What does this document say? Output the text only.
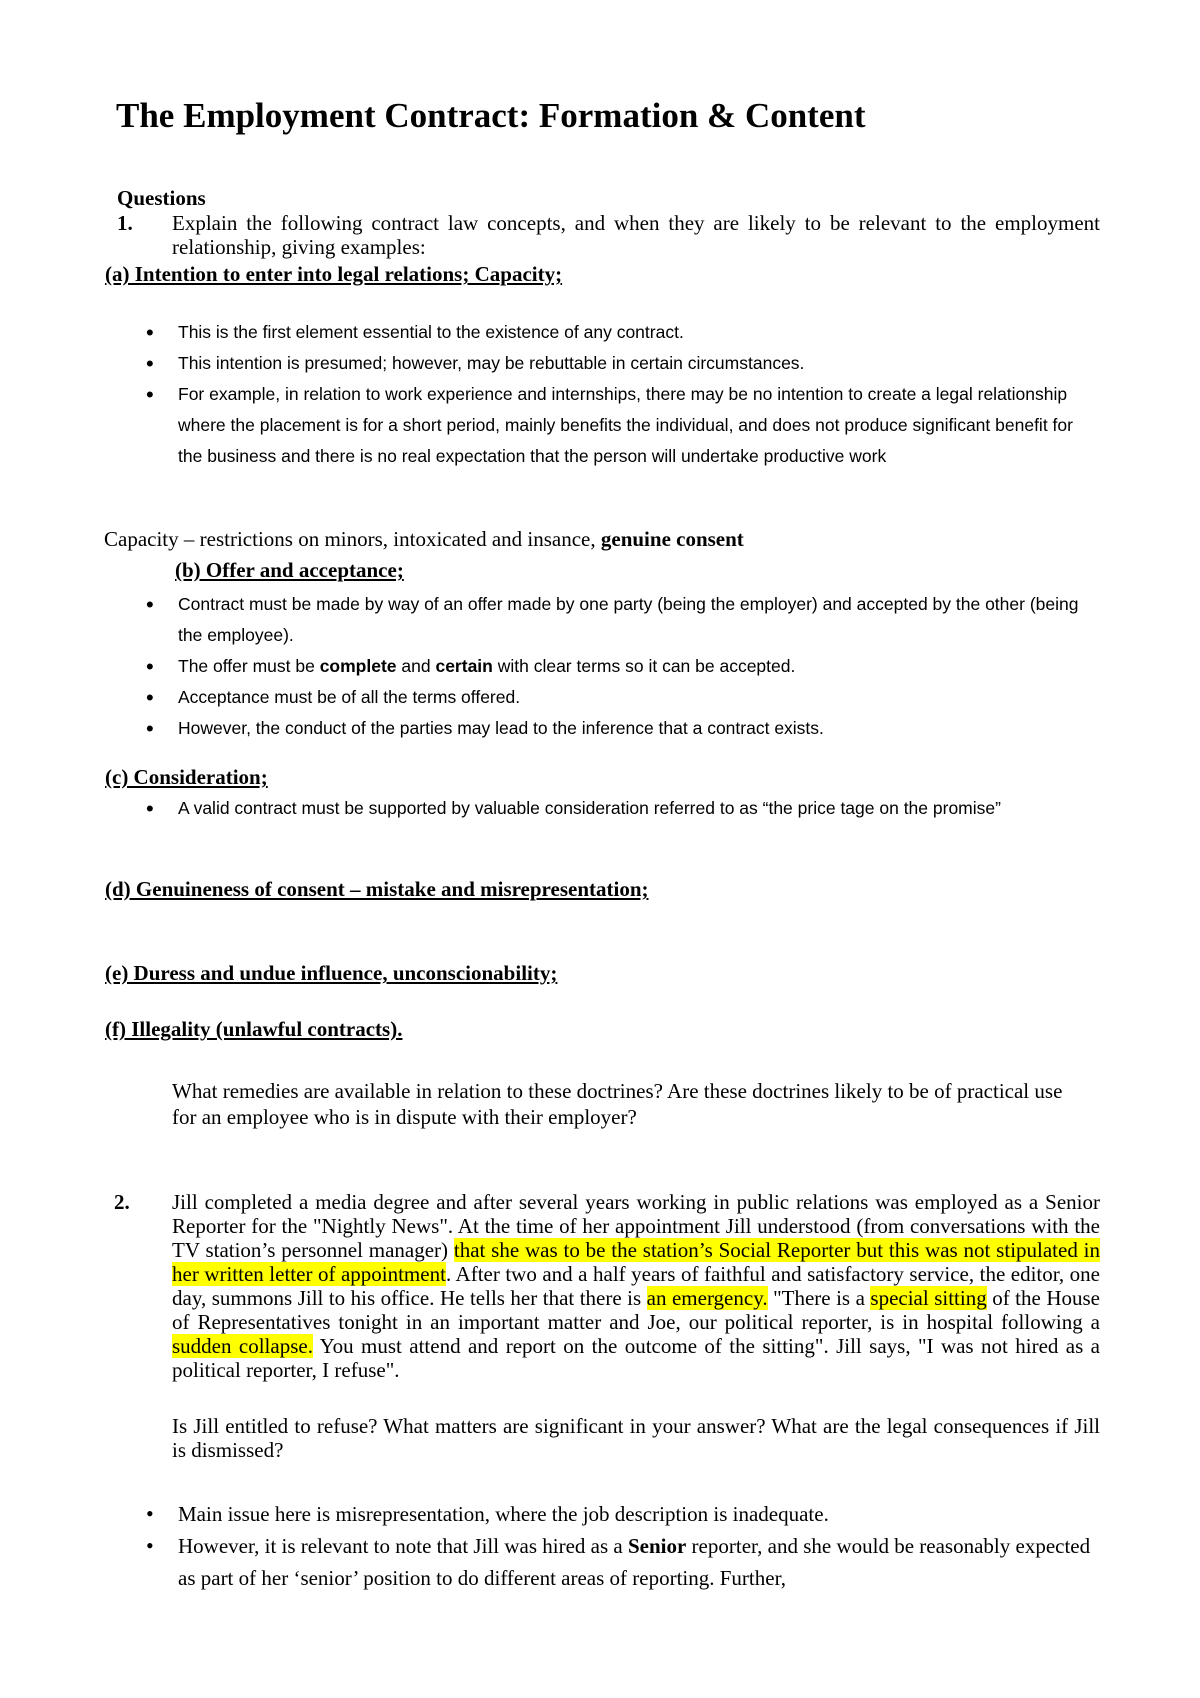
The Employment Contract: Formation & Content
Questions
1. Explain the following contract law concepts, and when they are likely to be relevant to the employment relationship, giving examples:
(a) Intention to enter into legal relations; Capacity;
• This is the first element essential to the existence of any contract.
• This intention is presumed; however, may be rebuttable in certain circumstances.
• For example, in relation to work experience and internships, there may be no intention to create a legal relationship where the placement is for a short period, mainly benefits the individual, and does not produce significant benefit for the business and there is no real expectation that the person will undertake productive work
Capacity – restrictions on minors, intoxicated and insance, genuine consent
(b) Offer and acceptance;
• Contract must be made by way of an offer made by one party (being the employer) and accepted by the other (being the employee).
• The offer must be complete and certain with clear terms so it can be accepted.
• Acceptance must be of all the terms offered.
• However, the conduct of the parties may lead to the inference that a contract exists.
(c) Consideration;
• A valid contract must be supported by valuable consideration referred to as “the price tage on the promise”
(d) Genuineness of consent – mistake and misrepresentation;
(e) Duress and undue influence, unconscionability;
(f) Illegality (unlawful contracts).
What remedies are available in relation to these doctrines? Are these doctrines likely to be of practical use for an employee who is in dispute with their employer?
2. Jill completed a media degree and after several years working in public relations was employed as a Senior Reporter for the "Nightly News". At the time of her appointment Jill understood (from conversations with the TV station’s personnel manager) that she was to be the station’s Social Reporter but this was not stipulated in her written letter of appointment. After two and a half years of faithful and satisfactory service, the editor, one day, summons Jill to his office. He tells her that there is an emergency. "There is a special sitting of the House of Representatives tonight in an important matter and Joe, our political reporter, is in hospital following a sudden collapse. You must attend and report on the outcome of the sitting". Jill says, "I was not hired as a political reporter, I refuse".
Is Jill entitled to refuse? What matters are significant in your answer? What are the legal consequences if Jill is dismissed?
• Main issue here is misrepresentation, where the job description is inadequate.
• However, it is relevant to note that Jill was hired as a Senior reporter, and she would be reasonably expected as part of her ‘senior’ position to do different areas of reporting. Further,
